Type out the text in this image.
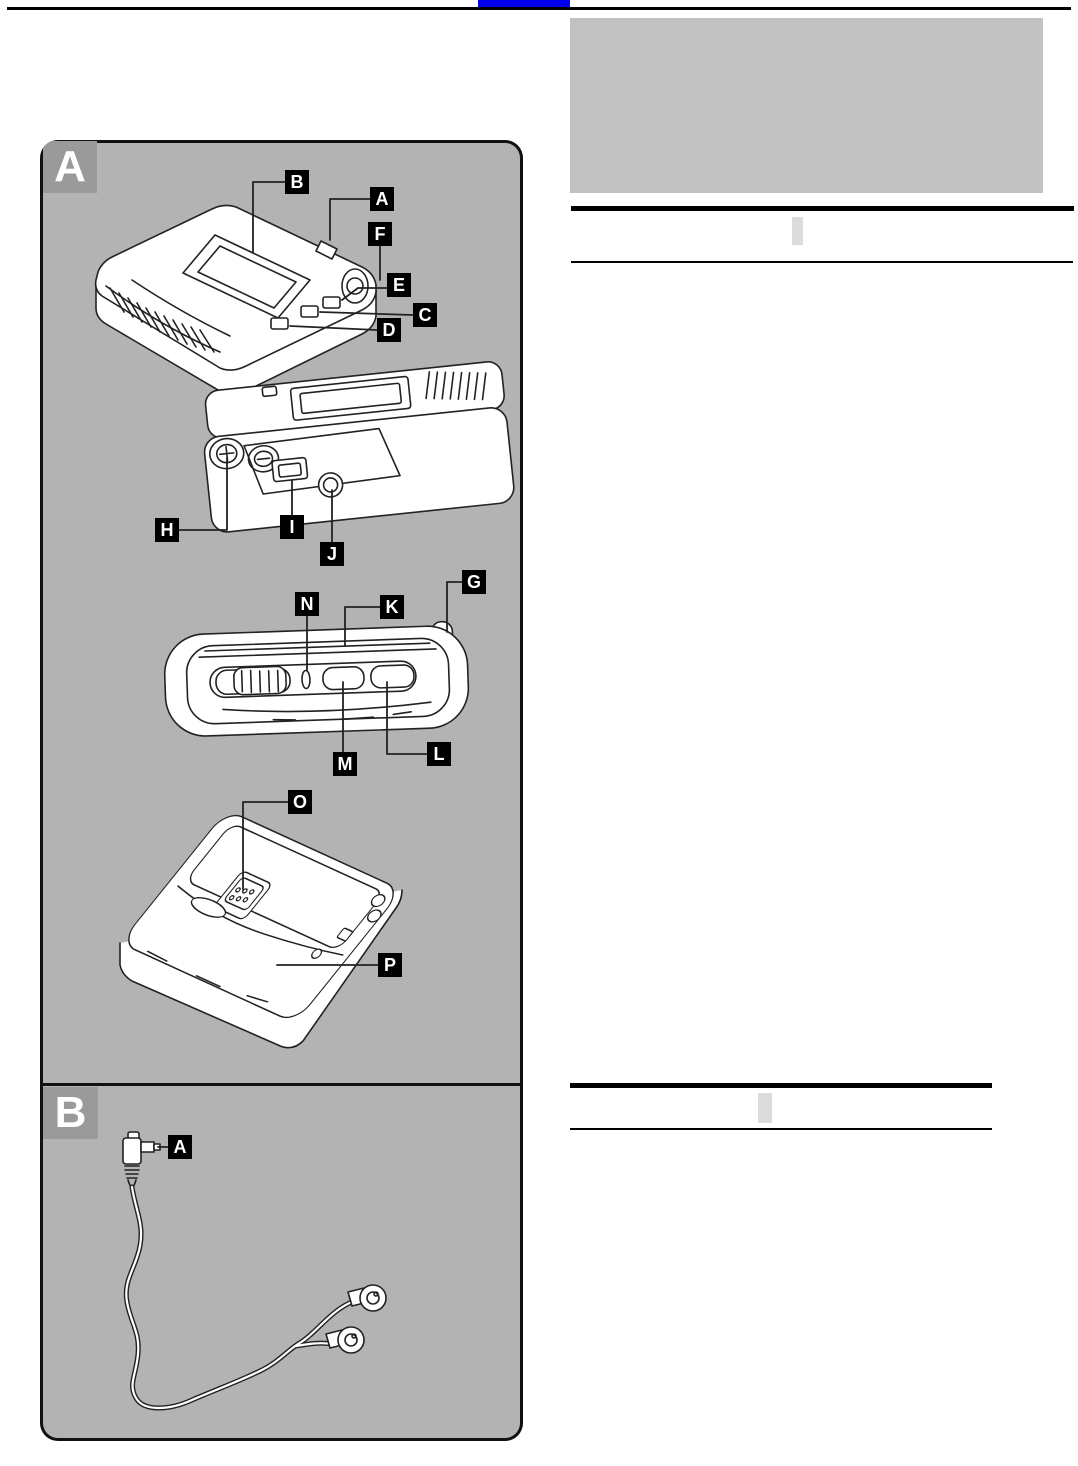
A
B
B
A
F
E
C
D
H	I
J
G
N	K
M	L
O
P
A
